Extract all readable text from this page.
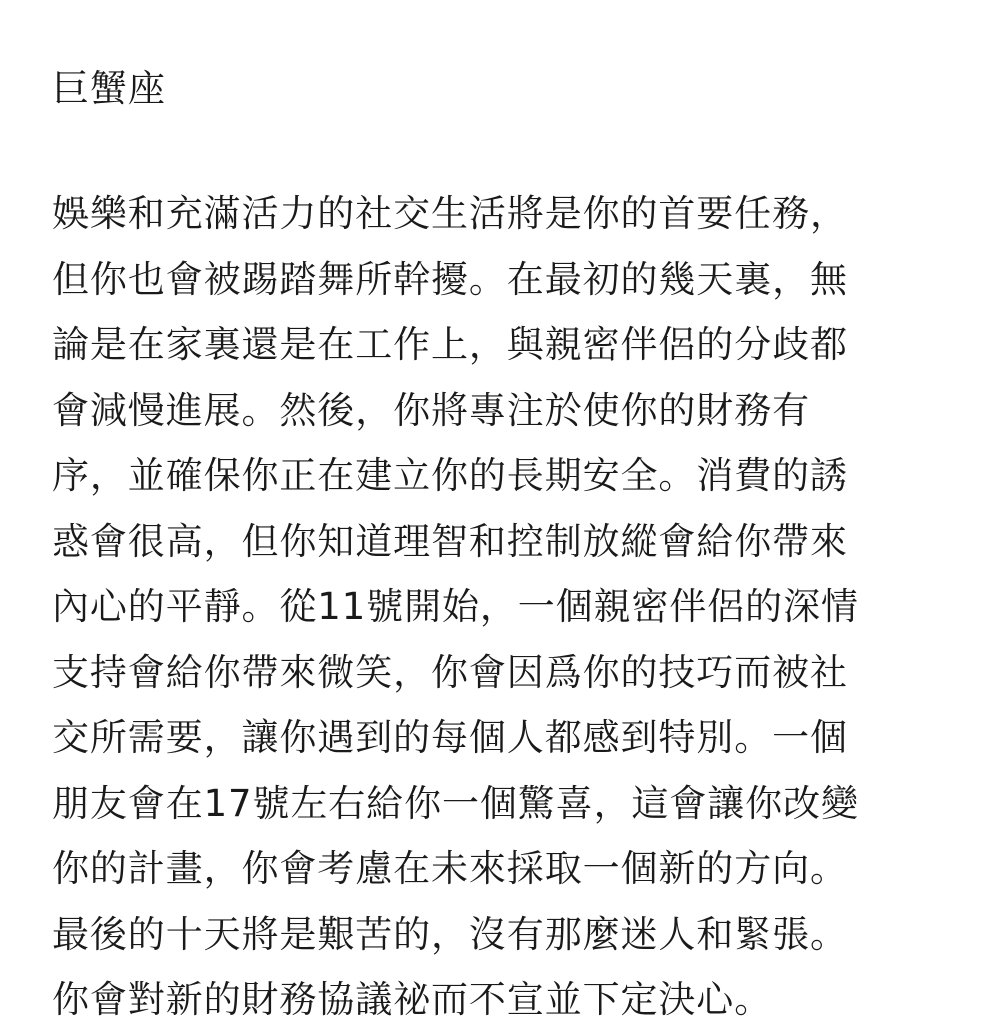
巨蟹座
娛樂和充滿活力的社交生活將是你的首要任務，
但你也會被踢踏舞所幹擾。在最初的幾天裏，無
論是在家裏還是在工作上，與親密伴侶的分歧都
會減慢進展。然後，你將專注於使你的財務有
序，並確保你正在建立你的長期安全。消費的誘
惑會很高，但你知道理智和控制放縱會給你帶來
內心的平靜。從11號開始，一個親密伴侶的深情
支持會給你帶來微笑，你會因爲你的技巧而被社
交所需要，讓你遇到的每個人都感到特別。一個
朋友會在17號左右給你一個驚喜，這會讓你改變
你的計畫，你會考慮在未來採取一個新的方向。
最後的十天將是艱苦的，沒有那麼迷人和緊張。
你會對新的財務協議祕而不宣並下定決心。
